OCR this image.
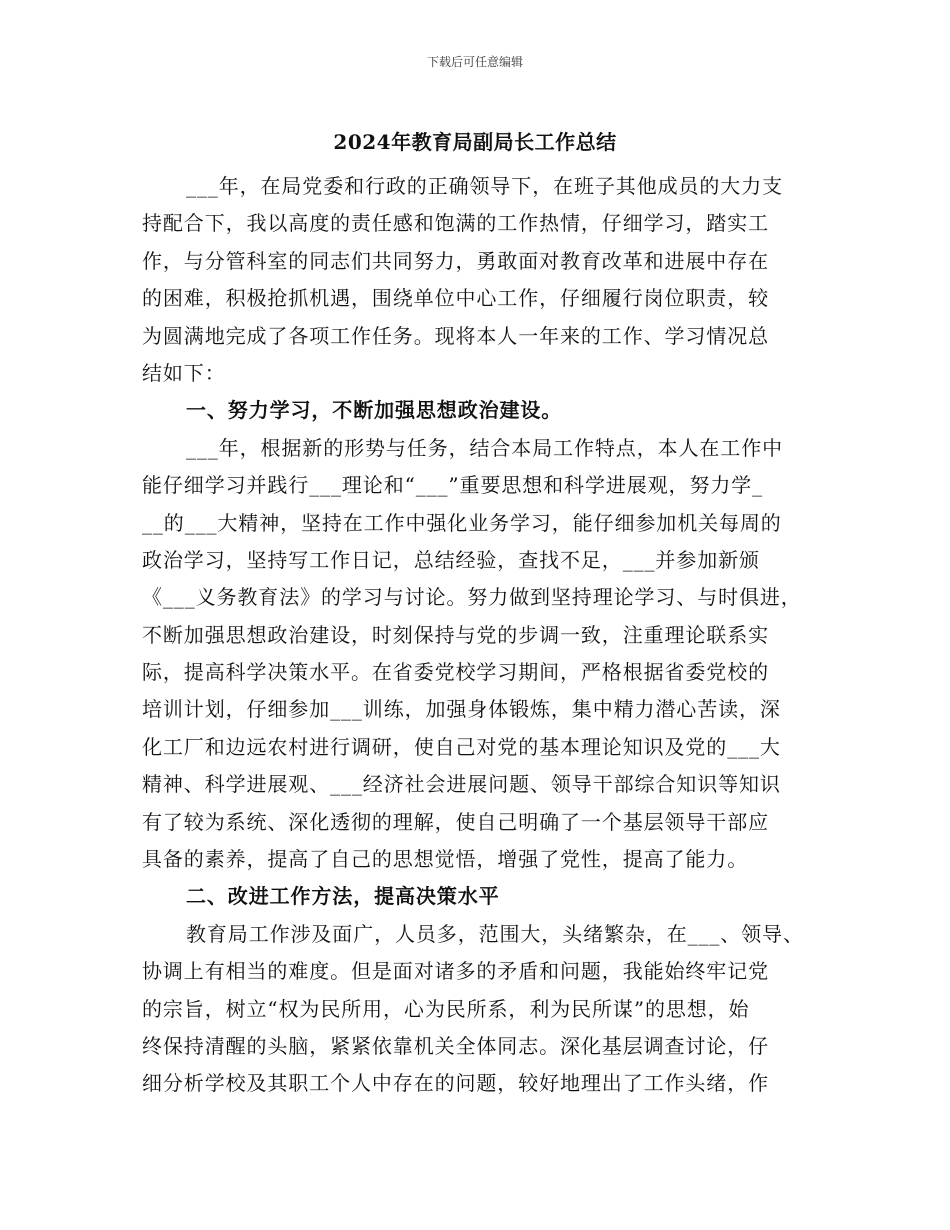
下载后可任意编辑
2024年教育局副局长工作总结
___年，在局党委和行政的正确领导下，在班子其他成员的大力支
持配合下，我以高度的责任感和饱满的工作热情，仔细学习，踏实工
作，与分管科室的同志们共同努力，勇敢面对教育改革和进展中存在
的困难，积极抢抓机遇，围绕单位中心工作，仔细履行岗位职责，较
为圆满地完成了各项工作任务。现将本人一年来的工作、学习情况总
结如下：
一、努力学习，不断加强思想政治建设。
___年，根据新的形势与任务，结合本局工作特点，本人在工作中
能仔细学习并践行___理论和“___”重要思想和科学进展观，努力学_
__的___大精神，坚持在工作中强化业务学习，能仔细参加机关每周的
政治学习，坚持写工作日记，总结经验，查找不足，___并参加新颁
《___义务教育法》的学习与讨论。努力做到坚持理论学习、与时俱进，
不断加强思想政治建设，时刻保持与党的步调一致，注重理论联系实
际，提高科学决策水平。在省委党校学习期间，严格根据省委党校的
培训计划，仔细参加___训练，加强身体锻炼，集中精力潜心苦读，深
化工厂和边远农村进行调研，使自己对党的基本理论知识及党的___大
精神、科学进展观、___经济社会进展问题、领导干部综合知识等知识
有了较为系统、深化透彻的理解，使自己明确了一个基层领导干部应
具备的素养，提高了自己的思想觉悟，增强了党性，提高了能力。
二、改进工作方法，提高决策水平
教育局工作涉及面广，人员多，范围大，头绪繁杂，在___、领导、
协调上有相当的难度。但是面对诸多的矛盾和问题，我能始终牢记党
的宗旨，树立“权为民所用，心为民所系，利为民所谋”的思想，始
终保持清醒的头脑，紧紧依靠机关全体同志。深化基层调查讨论，仔
细分析学校及其职工个人中存在的问题，较好地理出了工作头绪，作
